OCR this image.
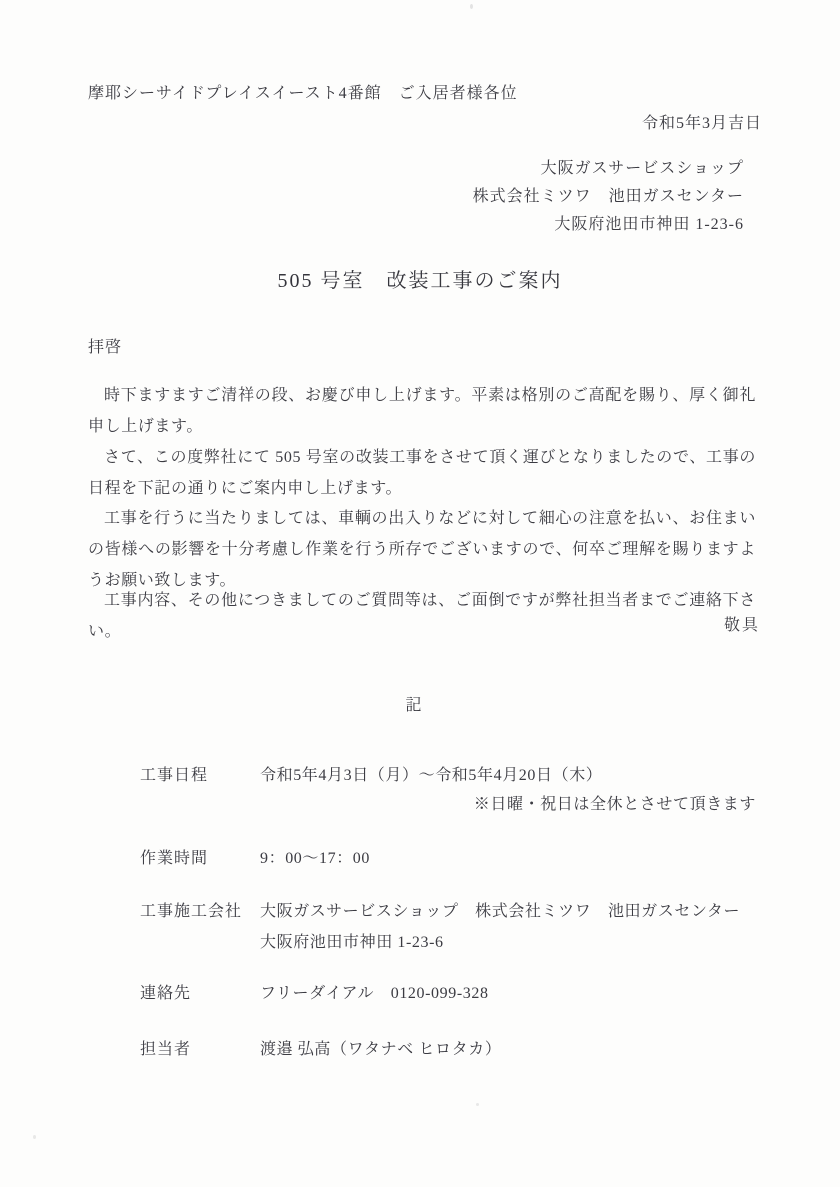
摩耶シーサイドプレイスイースト4番館　ご入居者様各位
令和5年3月吉日
大阪ガスサービスショップ
株式会社ミツワ　池田ガスセンター
大阪府池田市神田 1-23-6
505 号室　改装工事のご案内
拝啓

時下ますますご清祥の段、お慶び申し上げます。平素は格別のご高配を賜り、厚く御礼申し上げます。

さて、この度弊社にて 505 号室の改装工事をさせて頂く運びとなりましたので、工事の日程を下記の通りにご案内申し上げます。

工事を行うに当たりましては、車輌の出入りなどに対して細心の注意を払い、お住まいの皆様への影響を十分考慮し作業を行う所存でございますので、何卒ご理解を賜りますようお願い致します。

工事内容、その他につきましてのご質問等は、ご面倒ですが弊社担当者までご連絡下さい。	敬具
記
工事日程	令和5年4月3日（月）～令和5年4月20日（木）
※日曜・祝日は全休とさせて頂きます
作業時間	9：00～17：00
工事施工会社 大阪ガスサービスショップ　株式会社ミツワ　池田ガスセンター
大阪府池田市神田 1-23-6
連絡先	フリーダイアル　0120-099-328
担当者	渡邉 弘高（ワタナベ ヒロタカ）
